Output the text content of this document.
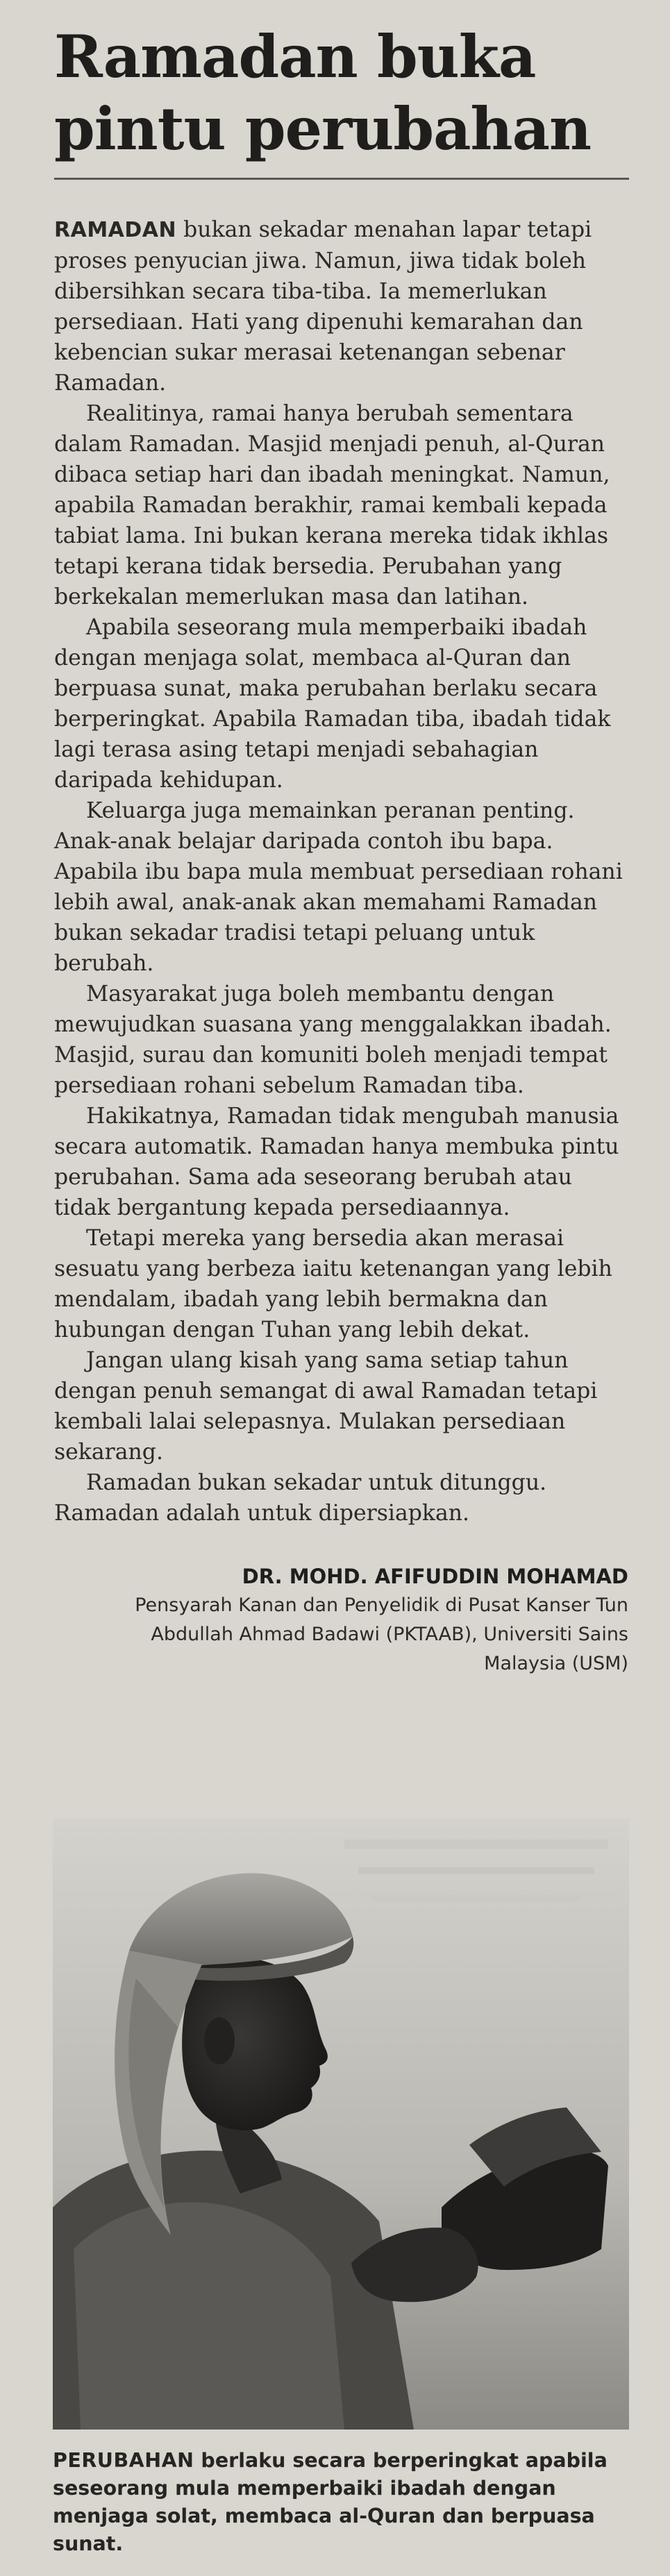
Ramadan buka
pintu perubahan

RAMADAN bukan sekadar menahan lapar tetapi proses penyucian jiwa. Namun, jiwa tidak boleh dibersihkan secara tiba-tiba. Ia memerlukan persediaan. Hati yang dipenuhi kemarahan dan kebencian sukar merasai ketenangan sebenar Ramadan.

Realitinya, ramai hanya berubah sementara dalam Ramadan. Masjid menjadi penuh, al-Quran dibaca setiap hari dan ibadah meningkat. Namun, apabila Ramadan berakhir, ramai kembali kepada tabiat lama. Ini bukan kerana mereka tidak ikhlas tetapi kerana tidak bersedia. Perubahan yang berkekalan memerlukan masa dan latihan.

Apabila seseorang mula memperbaiki ibadah dengan menjaga solat, membaca al-Quran dan berpuasa sunat, maka perubahan berlaku secara berperingkat. Apabila Ramadan tiba, ibadah tidak lagi terasa asing tetapi menjadi sebahagian daripada kehidupan.

Keluarga juga memainkan peranan penting. Anak-anak belajar daripada contoh ibu bapa. Apabila ibu bapa mula membuat persediaan rohani lebih awal, anak-anak akan memahami Ramadan bukan sekadar tradisi tetapi peluang untuk berubah.

Masyarakat juga boleh membantu dengan mewujudkan suasana yang menggalakkan ibadah. Masjid, surau dan komuniti boleh menjadi tempat persediaan rohani sebelum Ramadan tiba.

Hakikatnya, Ramadan tidak mengubah manusia secara automatik. Ramadan hanya membuka pintu perubahan. Sama ada seseorang berubah atau tidak bergantung kepada persediaannya.

Tetapi mereka yang bersedia akan merasai sesuatu yang berbeza iaitu ketenangan yang lebih mendalam, ibadah yang lebih bermakna dan hubungan dengan Tuhan yang lebih dekat.

Jangan ulang kisah yang sama setiap tahun dengan penuh semangat di awal Ramadan tetapi kembali lalai selepasnya. Mulakan persediaan sekarang.

Ramadan bukan sekadar untuk ditunggu. Ramadan adalah untuk dipersiapkan.

DR. MOHD. AFIFUDDIN MOHAMAD
Pensyarah Kanan dan Penyelidik di Pusat Kanser Tun Abdullah Ahmad Badawi (PKTAAB), Universiti Sains Malaysia (USM)

PERUBAHAN berlaku secara berperingkat apabila seseorang mula memperbaiki ibadah dengan menjaga solat, membaca al-Quran dan berpuasa sunat.
